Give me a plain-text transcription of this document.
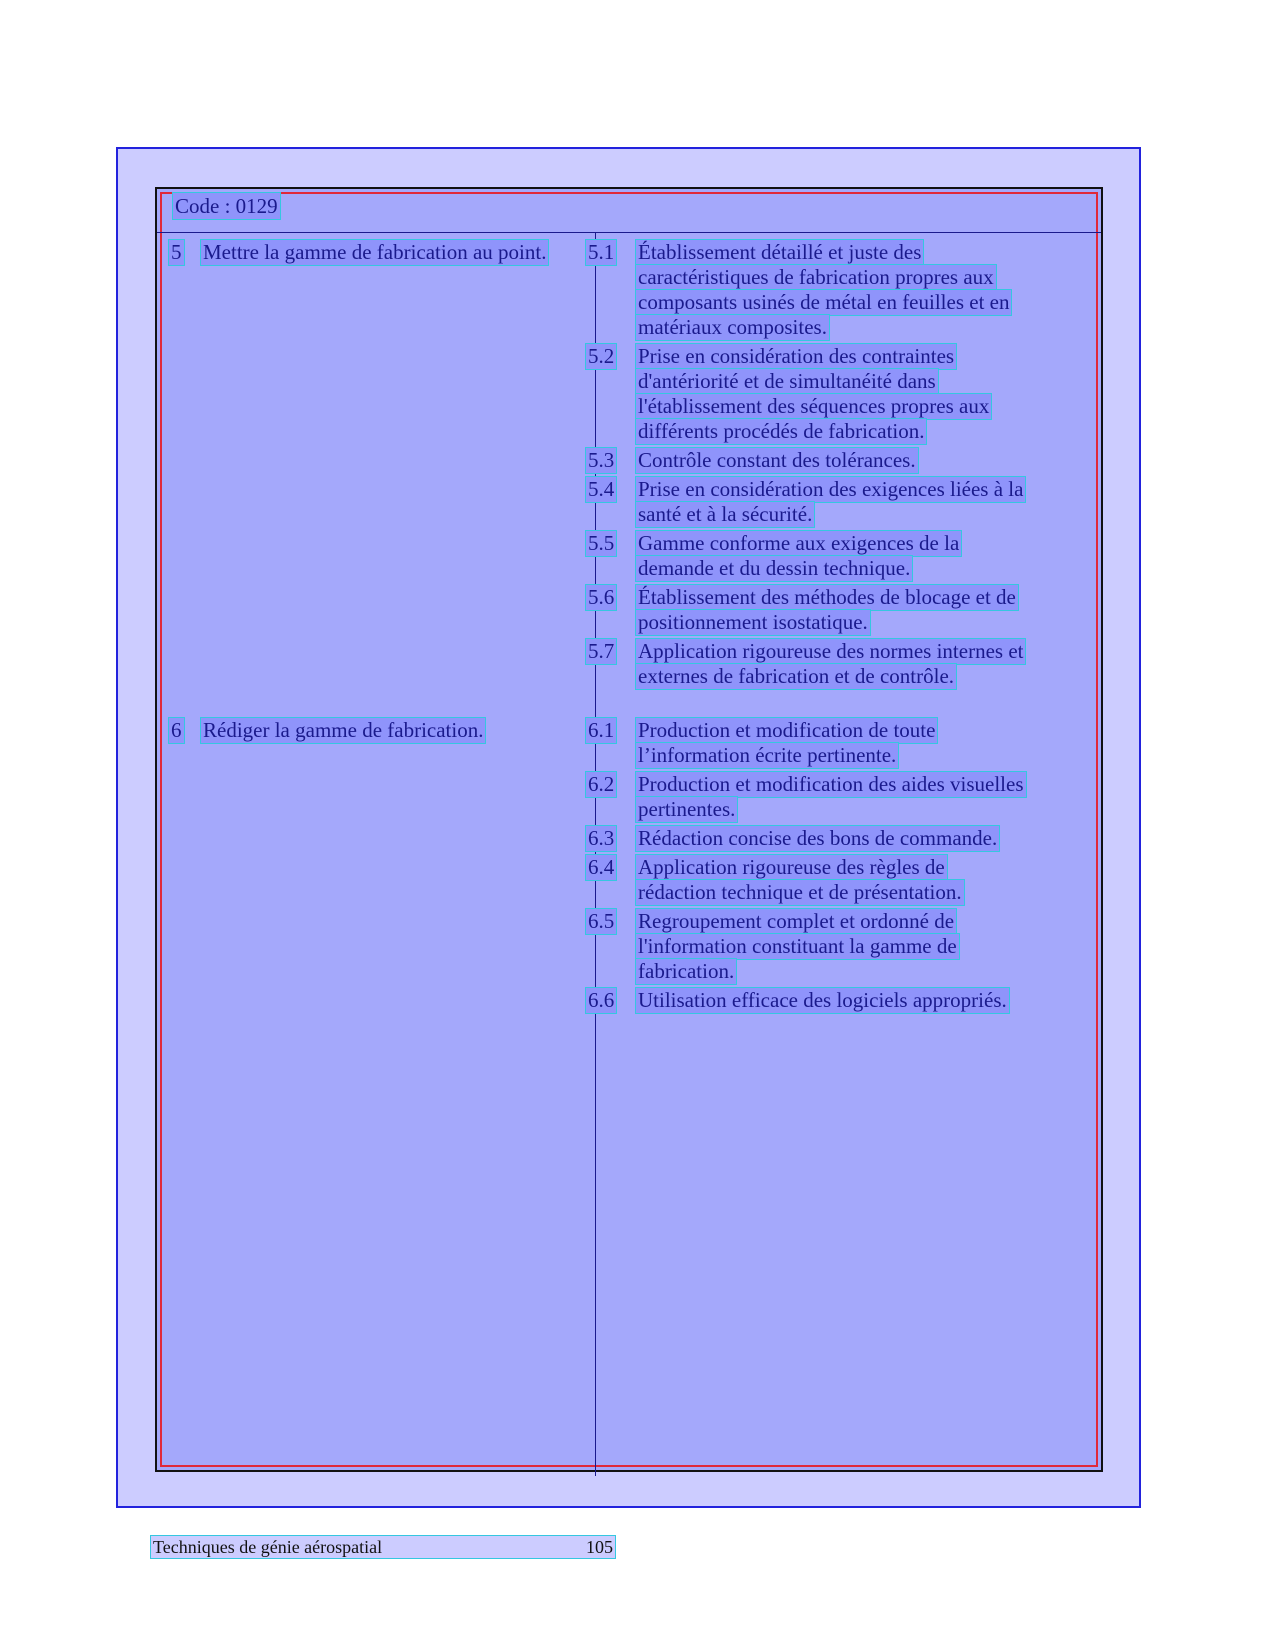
Code : 0129
5 Mettre la gamme de fabrication au point. 5.1 Établissement détaillé et juste des
caractéristiques de fabrication propres aux
composants usinés de métal en feuilles et en
matériaux composites.
5.2 Prise en considération des contraintes
d'antériorité et de simultanéité dans
l'établissement des séquences propres aux
différents procédés de fabrication.
5.3 Contrôle constant des tolérances.
5.4 Prise en considération des exigences liées à la
santé et à la sécurité.
5.5 Gamme conforme aux exigences de la
demande et du dessin technique.
5.6 Établissement des méthodes de blocage et de
positionnement isostatique.
5.7 Application rigoureuse des normes internes et
externes de fabrication et de contrôle.
6 Rédiger la gamme de fabrication.	6.1 Production et modification de toute
l’information écrite pertinente.
6.2 Production et modification des aides visuelles
pertinentes.
6.3 Rédaction concise des bons de commande.
6.4 Application rigoureuse des règles de
rédaction technique et de présentation.
6.5 Regroupement complet et ordonné de
l'information constituant la gamme de
fabrication.
6.6 Utilisation efficace des logiciels appropriés.
Techniques de génie aérospatial	105
